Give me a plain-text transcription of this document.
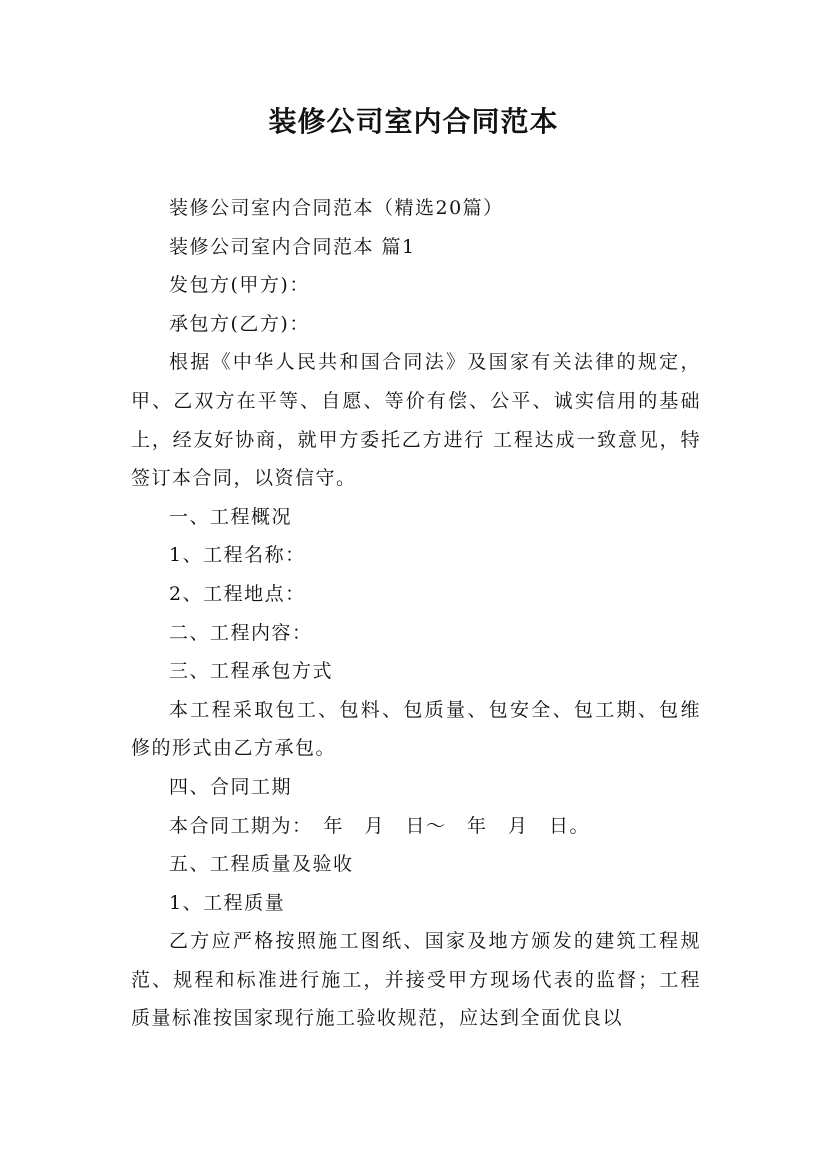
装修公司室内合同范本

装修公司室内合同范本（精选20篇）

装修公司室内合同范本 篇1

发包方(甲方)：

承包方(乙方)：

根据《中华人民共和国合同法》及国家有关法律的规定，甲、乙双方在平等、自愿、等价有偿、公平、诚实信用的基础上，经友好协商，就甲方委托乙方进行 工程达成一致意见，特签订本合同，以资信守。

一、工程概况

1、工程名称：

2、工程地点：

二、工程内容：

三、工程承包方式

本工程采取包工、包料、包质量、包安全、包工期、包维修的形式由乙方承包。

四、合同工期

本合同工期为：　年　月　日～　年　月　日。

五、工程质量及验收

1、工程质量

乙方应严格按照施工图纸、国家及地方颁发的建筑工程规范、规程和标准进行施工，并接受甲方现场代表的监督；工程质量标准按国家现行施工验收规范，应达到全面优良以
